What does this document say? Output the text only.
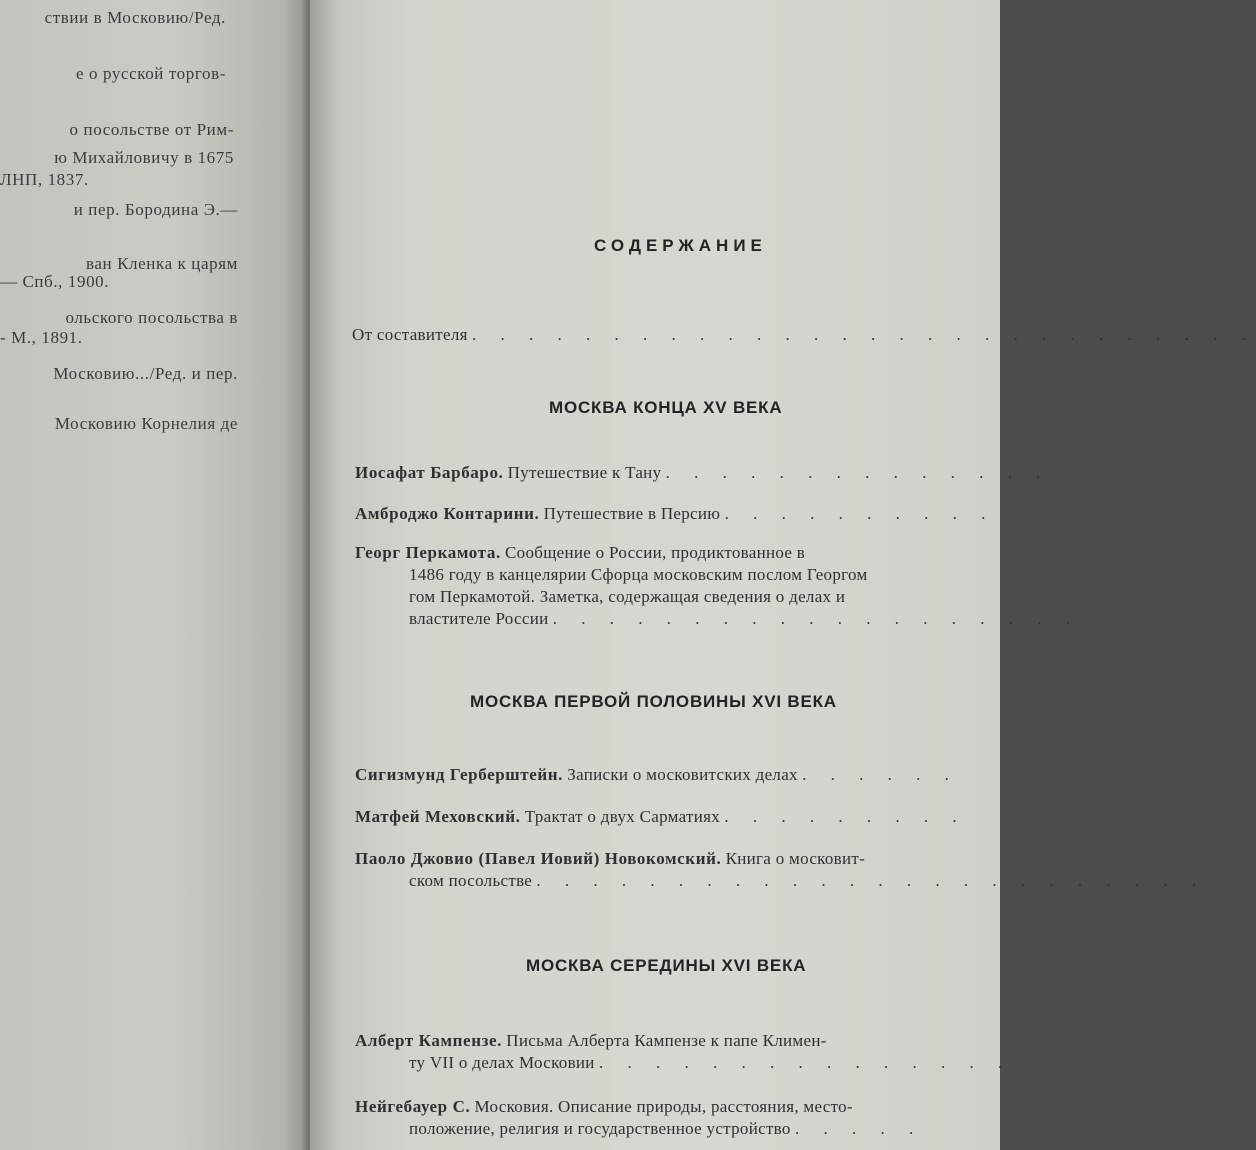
ствии в Московию/Ред.

е о русской торгов-

о посольстве от Рим-

ю Михайловичу в 1675

ЛНП, 1837.

и пер. Бородина Э.—

ван Кленка к царям

— Спб., 1900.

ольского посольства в

- М., 1891.

Московию.../Ред. и пер.

Московию Корнелия де

СОДЕРЖАНИЕ

От составителя . . . . . . . . . . . . . . . . . . . . . . . . . . . .

МОСКВА КОНЦА XV ВЕКА

Иосафат Барбаро. Путешествие к Тану . . . . . . . . . . . . . .

Амброджо Контарини. Путешествие в Персию . . . . . . . . . .

Георг Перкамота. Сообщение о России, продиктованное в
1486 году в канцелярии Сфорца московским послом Георгом
гом Перкамотой. Заметка, содержащая сведения о делах и
властителе России . . . . . . . . . . . . . . . . . . .

МОСКВА ПЕРВОЙ ПОЛОВИНЫ XVI ВЕКА

Сигизмунд Герберштейн. Записки о московитских делах . . . . . .

Матфей Меховский. Трактат о двух Сарматиях . . . . . . . . .

Паоло Джовио (Павел Иовий) Новокомский. Книга о московит-
ском посольстве . . . . . . . . . . . . . . . . . . . . . . . .

МОСКВА СЕРЕДИНЫ XVI ВЕКА

Алберт Кампензе. Письма Алберта Кампензе к папе Климен-
ту VII о делах Московии . . . . . . . . . . . . . . .

Нейгебауер С. Московия. Описание природы, расстояния, место-
положение, религия и государственное устройство . . . . .
